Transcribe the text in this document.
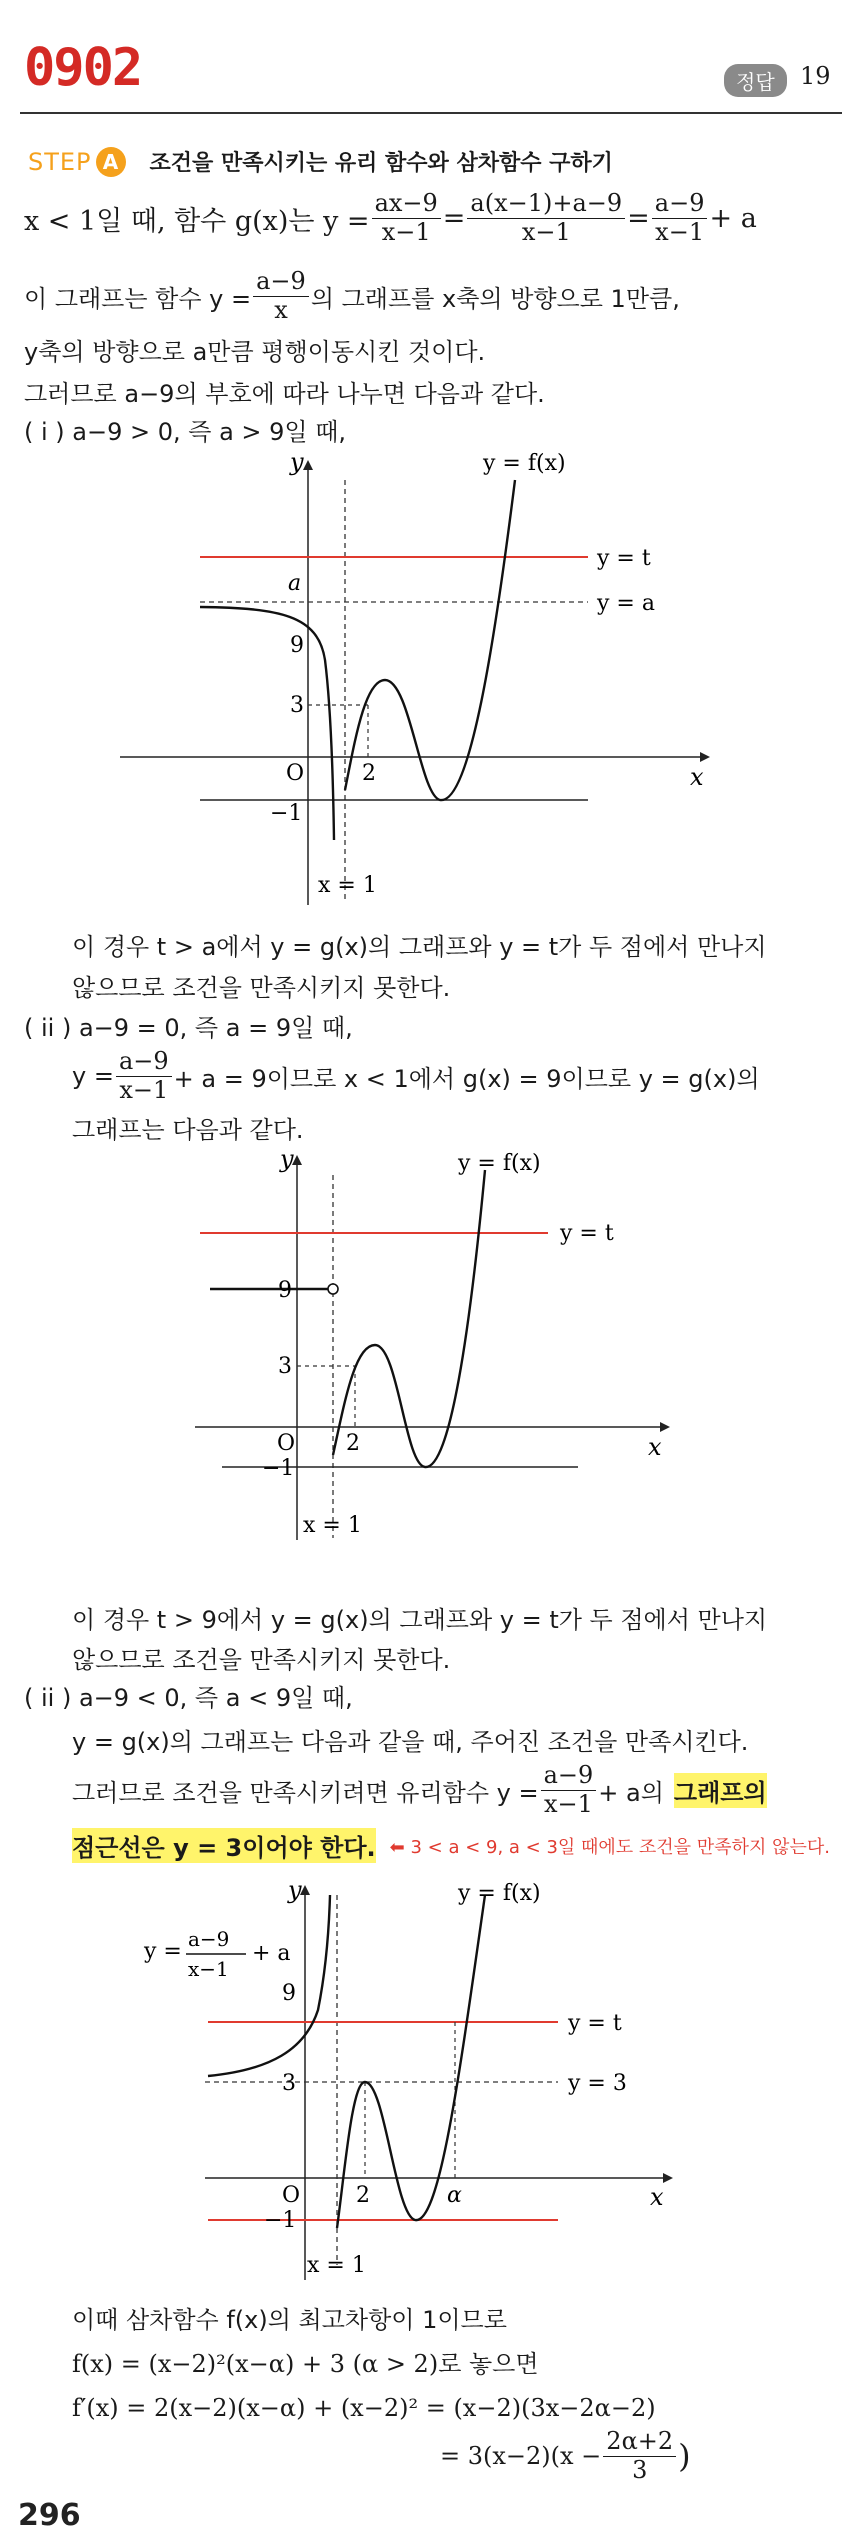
0902	정답	19
STEP A	조건을 만족시키는 유리 함수와 삼차함수 구하기
x < 1일 때, 함수 g(x)는 $y = \frac{ax-9}{x-1} = \frac{a(x-1)+a-9}{x-1} = \frac{a-9}{x-1} + a$
이 그래프는 함수 $y = \frac{a-9}{x}$ 의 그래프를 x축의 방향으로 1만큼,
y축의 방향으로 a만큼 평행이동시킨 것이다.
그러므로 a−9의 부호에 따라 나누면 다음과 같다.
( i ) a−9 > 0, 즉 a > 9일 때,
y
x
O
y = f(x)
y = t
y = a
a
9
3
−1
2
x = 1
이 경우 t > a에서 y = g(x)의 그래프와 y = t가 두 점에서 만나지
않으므로 조건을 만족시키지 못한다.
( ii ) a−9 = 0, 즉 a = 9일 때,
$y = \frac{a-9}{x-1} + a = 9$이므로 x < 1에서 g(x) = 9이므로 y = g(x)의
그래프는 다음과 같다.
y
x
O
y = f(x)
y = t
9
3
−1
2
x = 1
이 경우 t > 9에서 y = g(x)의 그래프와 y = t가 두 점에서 만나지
않으므로 조건을 만족시키지 못한다.
( ii ) a−9 < 0, 즉 a < 9일 때,
y = g(x)의 그래프는 다음과 같을 때, 주어진 조건을 만족시킨다.
그러므로 조건을 만족시키려면 유리함수 $y = \frac{a-9}{x-1} + a$의 그래프의
점근선은 y = 3이어야 한다. ⬅ 3 < a < 9, a < 3일 때에도 조건을 만족하지 않는다.
y
x
O
y = f(x)
y = t
y = 3
y = a−9
x−1
+ a
9
3
−1
2	α
x = 1
이때 삼차함수 f(x)의 최고차항이 1이므로
f(x) = (x−2)²(x−α) + 3 (α > 2)로 놓으면
f′(x) = 2(x−2)(x−α) + (x−2)² = (x−2)(3x−2α−2)
= $3(x-2)(x - \frac{2\alpha+2}{3}$ )
296
